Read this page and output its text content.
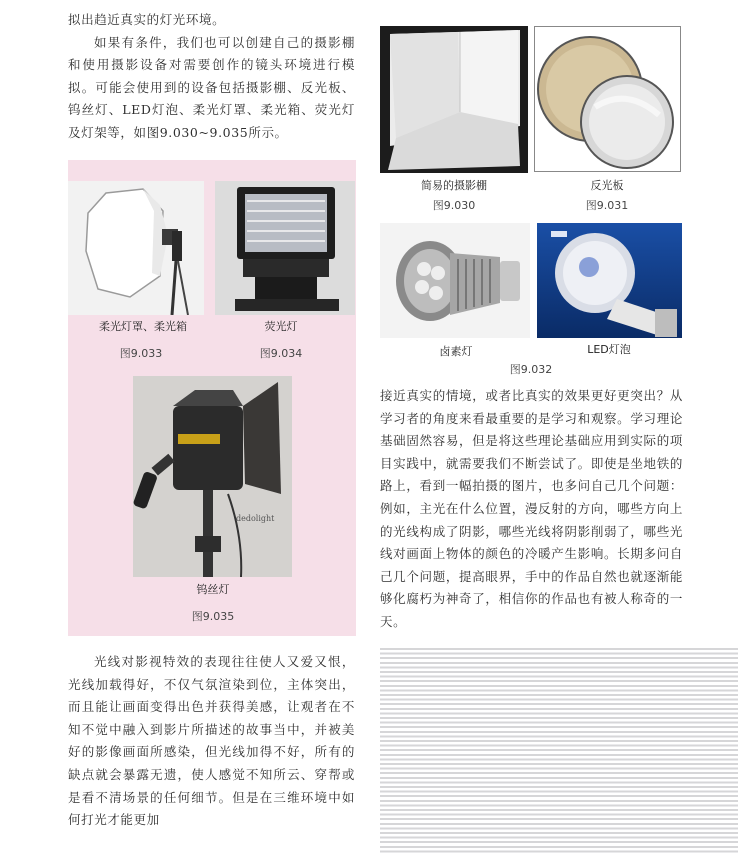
拟出趋近真实的灯光环境。

如果有条件，我们也可以创建自己的摄影棚和使用摄影设备对需要创作的镜头环境进行模拟。可能会使用到的设备包括摄影棚、反光板、钨丝灯、LED灯泡、柔光灯罩、柔光箱、荧光灯及灯架等，如图9.030~9.035所示。

柔光灯罩、柔光箱
图9.033
荧光灯
图9.034
dedolight
钨丝灯
图9.035
光线对影视特效的表现往往使人又爱又恨，光线加载得好，不仅气氛渲染到位，主体突出，而且能让画面变得出色并获得美感，让观者在不知不觉中融入到影片所描述的故事当中，并被美好的影像画面所感染，但光线加得不好，所有的缺点就会暴露无遗，使人感觉不知所云、穿帮或是看不清场景的任何细节。但是在三维环境中如何打光才能更加
简易的摄影棚
图9.030
反光板
图9.031
卤素灯	LED灯泡
图9.032
接近真实的情境，或者比真实的效果更好更突出？从学习者的角度来看最重要的是学习和观察。学习理论基础固然容易，但是将这些理论基础应用到实际的项目实践中，就需要我们不断尝试了。即使是坐地铁的路上，看到一幅拍摄的图片，也多问自己几个问题：例如，主光在什么位置，漫反射的方向，哪些方向上的光线构成了阴影，哪些光线将阴影削弱了，哪些光线对画面上物体的颜色的冷暖产生影响。长期多问自己几个问题，提高眼界，手中的作品自然也就逐渐能够化腐朽为神奇了，相信你的作品也有被人称奇的一天。
